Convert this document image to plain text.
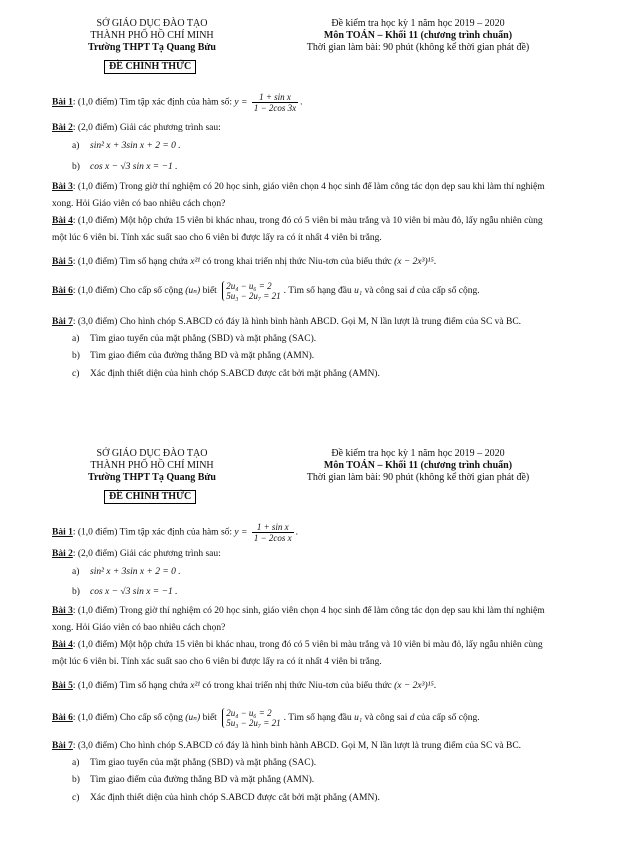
SỞ GIÁO DỤC ĐÀO TẠO
THÀNH PHỐ HỒ CHÍ MINH
Trường THPT Tạ Quang Bửu
ĐỀ CHÍNH THỨC
Đề kiểm tra học kỳ 1 năm học 2019 – 2020
Môn TOÁN – Khối 11 (chương trình chuẩn)
Thời gian làm bài: 90 phút (không kể thời gian phát đề)
Bài 1: (1,0 điểm) Tìm tập xác định của hàm số: $y = \frac{\text{1 + sin x}}{1 - 2\cos 3x}$ .
Bài 2: (2,0 điểm) Giải các phương trình sau:
a) sin² x + 3sin x + 2 = 0 .
b) cos x − √3 sin x = −1 .
Bài 3: (1,0 điểm) Trong giờ thí nghiệm có 20 học sinh, giáo viên chọn 4 học sinh để làm công tác dọn dẹp sau khi làm thí nghiệm
xong. Hỏi Giáo viên có bao nhiêu cách chọn?
Bài 4: (1,0 điểm) Một hộp chứa 15 viên bi khác nhau, trong đó có 5 viên bi màu trắng và 10 viên bi màu đỏ, lấy ngẫu nhiên cùng
một lúc 6 viên bi. Tính xác suất sao cho 6 viên bi được lấy ra có ít nhất 4 viên bi trắng.
Bài 5: (1,0 điểm) Tìm số hạng chứa x²¹ có trong khai triển nhị thức Niu-tơn của biểu thức (x − 2x³)¹⁵.
Bài 6: (1,0 điểm) Cho cấp số cộng (uₙ) biết
2u₄ − u₆ = 2
5u₃ − 2u₇ = 21 . Tìm số hạng đầu u₁ và công sai d của cấp số cộng.
Bài 7: (3,0 điểm) Cho hình chóp S.ABCD có đáy là hình bình hành ABCD. Gọi M, N lần lượt là trung điểm của SC và BC.
a) Tìm giao tuyến của mặt phẳng (SBD) và mặt phẳng (SAC).
b) Tìm giao điểm của đường thẳng BD và mặt phẳng (AMN).
c) Xác định thiết diện của hình chóp S.ABCD được cắt bởi mặt phẳng (AMN).
SỞ GIÁO DỤC ĐÀO TẠO
THÀNH PHỐ HỒ CHÍ MINH
Trường THPT Tạ Quang Bửu
ĐỀ CHÍNH THỨC
Đề kiểm tra học kỳ 1 năm học 2019 – 2020
Môn TOÁN – Khối 11 (chương trình chuẩn)
Thời gian làm bài: 90 phút (không kể thời gian phát đề)
Bài 1: (1,0 điểm) Tìm tập xác định của hàm số: $y = \frac{\text{1 + sin x}}{\text{1 − 2cos x}}$ .
Bài 2: (2,0 điểm) Giải các phương trình sau:
a) sin² x + 3sin x + 2 = 0 .
b) cos x − √3 sin x = −1 .
Bài 3: (1,0 điểm) Trong giờ thí nghiệm có 20 học sinh, giáo viên chọn 4 học sinh để làm công tác dọn dẹp sau khi làm thí nghiệm
xong. Hỏi Giáo viên có bao nhiêu cách chọn?
Bài 4: (1,0 điểm) Một hộp chứa 15 viên bi khác nhau, trong đó có 5 viên bi màu trắng và 10 viên bi màu đỏ, lấy ngẫu nhiên cùng
một lúc 6 viên bi. Tính xác suất sao cho 6 viên bi được lấy ra có ít nhất 4 viên bi trắng.
Bài 5: (1,0 điểm) Tìm số hạng chứa x²¹ có trong khai triển nhị thức Niu-tơn của biểu thức (x − 2x³)¹⁵.
Bài 6: (1,0 điểm) Cho cấp số cộng (uₙ) biết
2u₄ − u₆ = 2
5u₃ − 2u₇ = 21 . Tìm số hạng đầu u₁ và công sai d của cấp số cộng.
Bài 7: (3,0 điểm) Cho hình chóp S.ABCD có đáy là hình bình hành ABCD. Gọi M, N lần lượt là trung điểm của SC và BC.
a) Tìm giao tuyến của mặt phẳng (SBD) và mặt phẳng (SAC).
b) Tìm giao điểm của đường thẳng BD và mặt phẳng (AMN).
c) Xác định thiết diện của hình chóp S.ABCD được cắt bởi mặt phẳng (AMN).
